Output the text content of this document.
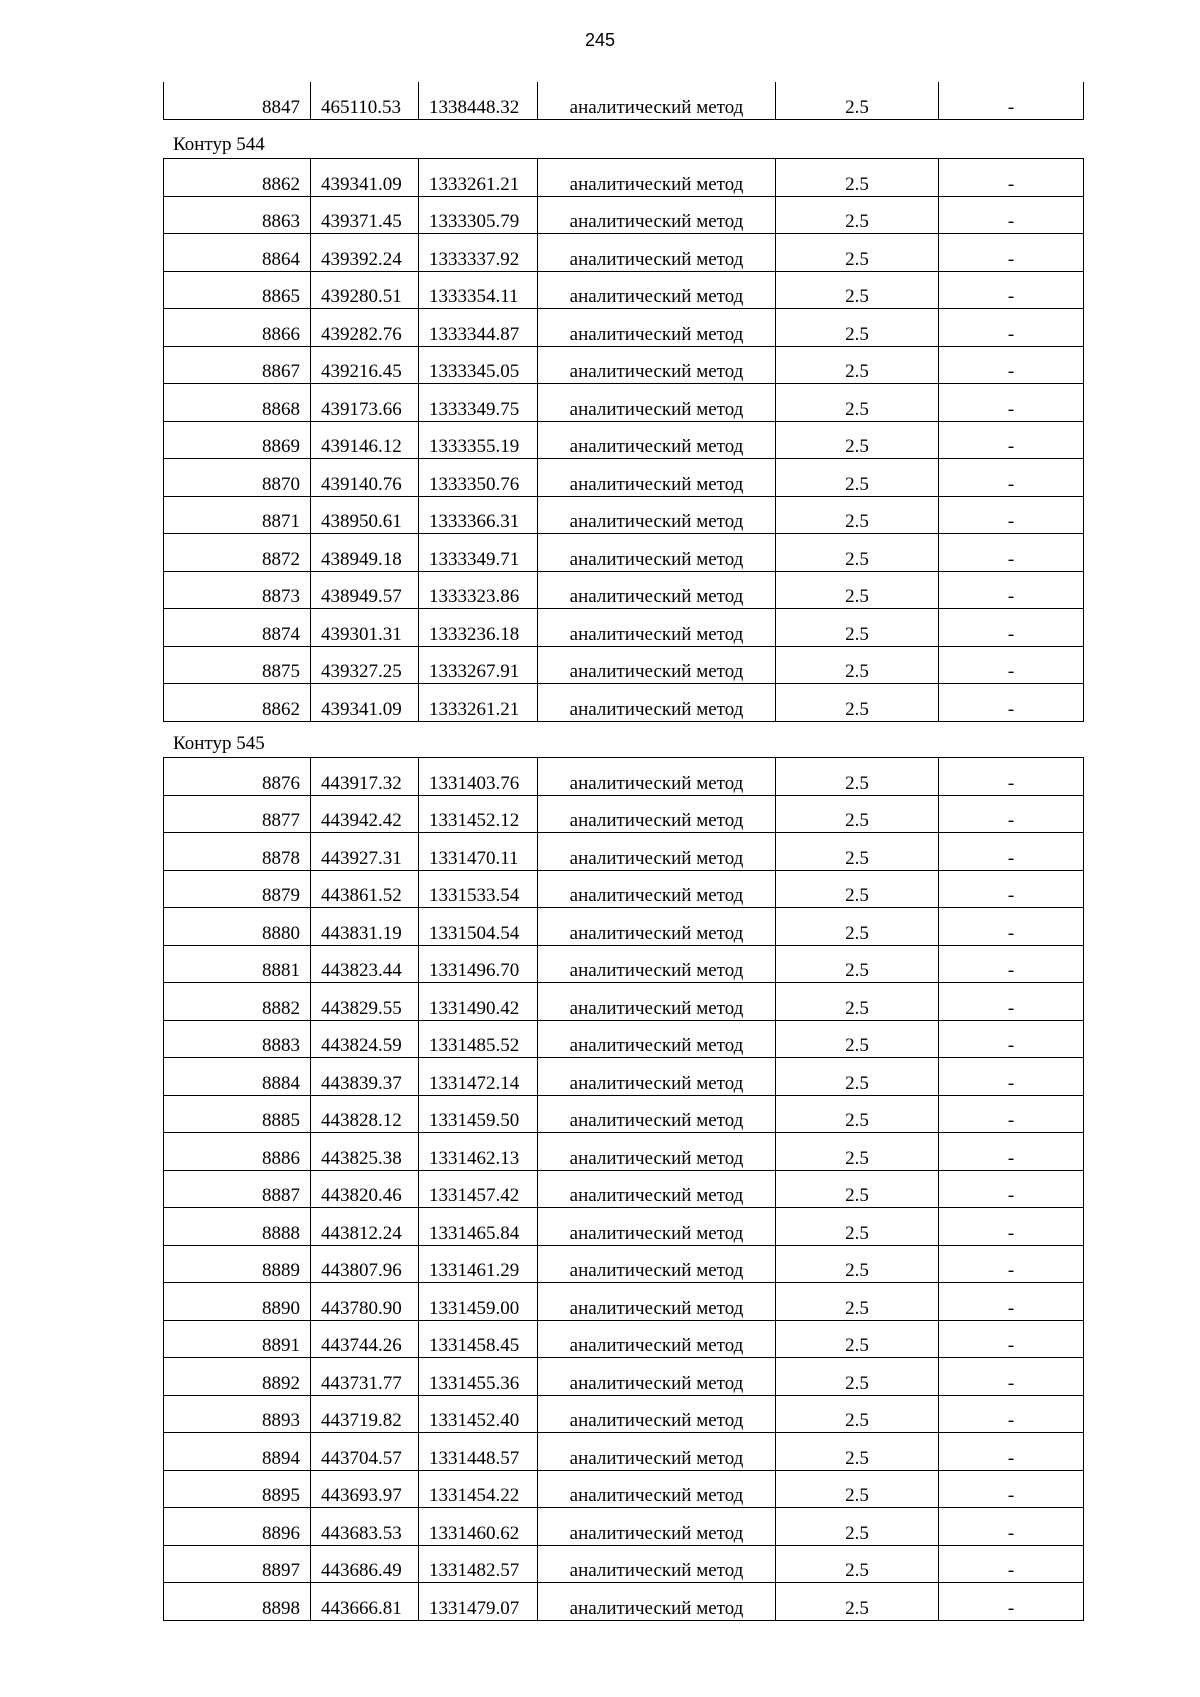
245
8847	465110.53	1338448.32	аналитический метод	2.5	-
Контур 544
8862	439341.09	1333261.21	аналитический метод	2.5	-
8863	439371.45	1333305.79	аналитический метод	2.5	-
8864	439392.24	1333337.92	аналитический метод	2.5	-
8865	439280.51	1333354.11	аналитический метод	2.5	-
8866	439282.76	1333344.87	аналитический метод	2.5	-
8867	439216.45	1333345.05	аналитический метод	2.5	-
8868	439173.66	1333349.75	аналитический метод	2.5	-
8869	439146.12	1333355.19	аналитический метод	2.5	-
8870	439140.76	1333350.76	аналитический метод	2.5	-
8871	438950.61	1333366.31	аналитический метод	2.5	-
8872	438949.18	1333349.71	аналитический метод	2.5	-
8873	438949.57	1333323.86	аналитический метод	2.5	-
8874	439301.31	1333236.18	аналитический метод	2.5	-
8875	439327.25	1333267.91	аналитический метод	2.5	-
8862	439341.09	1333261.21	аналитический метод	2.5	-
Контур 545
8876	443917.32	1331403.76	аналитический метод	2.5	-
8877	443942.42	1331452.12	аналитический метод	2.5	-
8878	443927.31	1331470.11	аналитический метод	2.5	-
8879	443861.52	1331533.54	аналитический метод	2.5	-
8880	443831.19	1331504.54	аналитический метод	2.5	-
8881	443823.44	1331496.70	аналитический метод	2.5	-
8882	443829.55	1331490.42	аналитический метод	2.5	-
8883	443824.59	1331485.52	аналитический метод	2.5	-
8884	443839.37	1331472.14	аналитический метод	2.5	-
8885	443828.12	1331459.50	аналитический метод	2.5	-
8886	443825.38	1331462.13	аналитический метод	2.5	-
8887	443820.46	1331457.42	аналитический метод	2.5	-
8888	443812.24	1331465.84	аналитический метод	2.5	-
8889	443807.96	1331461.29	аналитический метод	2.5	-
8890	443780.90	1331459.00	аналитический метод	2.5	-
8891	443744.26	1331458.45	аналитический метод	2.5	-
8892	443731.77	1331455.36	аналитический метод	2.5	-
8893	443719.82	1331452.40	аналитический метод	2.5	-
8894	443704.57	1331448.57	аналитический метод	2.5	-
8895	443693.97	1331454.22	аналитический метод	2.5	-
8896	443683.53	1331460.62	аналитический метод	2.5	-
8897	443686.49	1331482.57	аналитический метод	2.5	-
8898	443666.81	1331479.07	аналитический метод	2.5	-
